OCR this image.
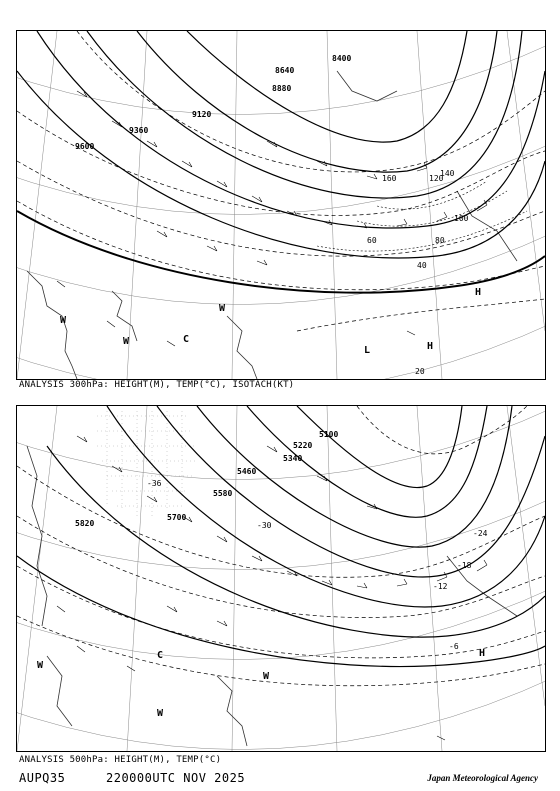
8400
8640
8880
9120
9360
9600
20
40
60	80
100
120
140
160
H
H
L
W
W	C
W
ANALYSIS 300hPa: HEIGHT(M), TEMP(°C), ISOTACH(KT)
5100
5220
5340
5460
5580
5700
5820
-6
-12
-18
-24
-30
-36
C
W
W
W
H
ANALYSIS 500hPa: HEIGHT(M), TEMP(°C)
AUPQ35	220000UTC NOV 2025	Japan Meteorological Agency
